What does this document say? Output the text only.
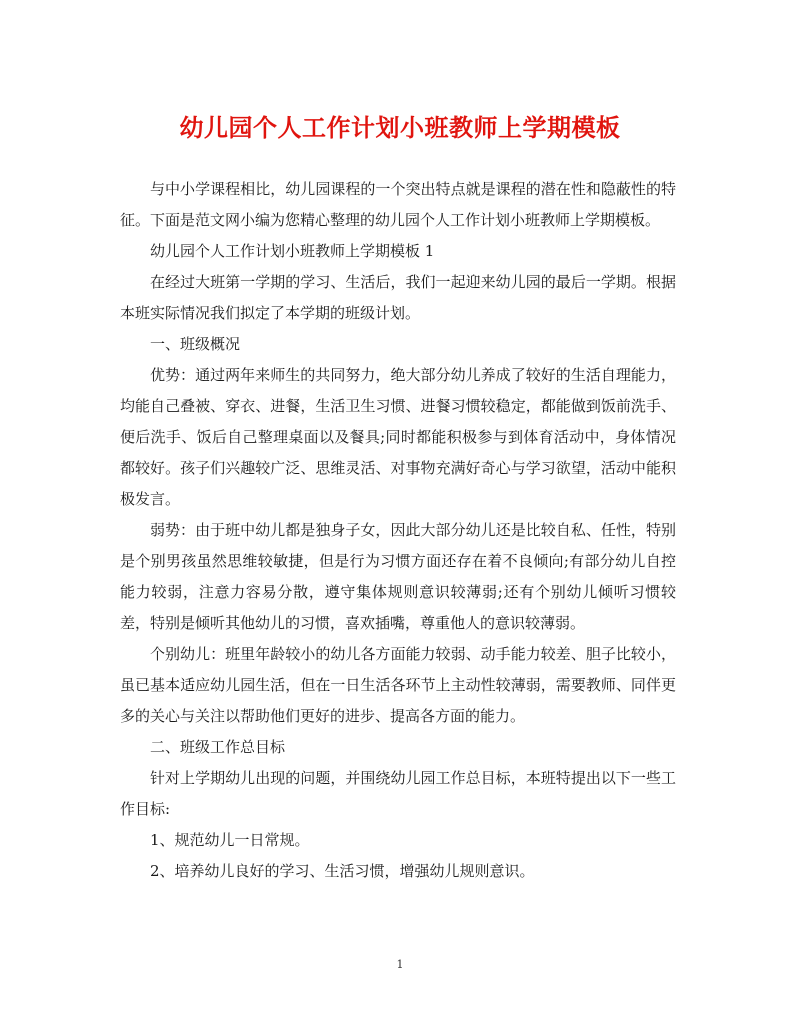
幼儿园个人工作计划小班教师上学期模板

与中小学课程相比，幼儿园课程的一个突出特点就是课程的潜在性和隐蔽性的特征。下面是范文网小编为您精心整理的幼儿园个人工作计划小班教师上学期模板。

幼儿园个人工作计划小班教师上学期模板 1

在经过大班第一学期的学习、生活后，我们一起迎来幼儿园的最后一学期。根据本班实际情况我们拟定了本学期的班级计划。

一、班级概况

优势：通过两年来师生的共同努力，绝大部分幼儿养成了较好的生活自理能力，均能自己叠被、穿衣、进餐，生活卫生习惯、进餐习惯较稳定，都能做到饭前洗手、便后洗手、饭后自己整理桌面以及餐具;同时都能积极参与到体育活动中，身体情况都较好。孩子们兴趣较广泛、思维灵活、对事物充满好奇心与学习欲望，活动中能积极发言。

弱势：由于班中幼儿都是独身子女，因此大部分幼儿还是比较自私、任性，特别是个别男孩虽然思维较敏捷，但是行为习惯方面还存在着不良倾向;有部分幼儿自控能力较弱，注意力容易分散，遵守集体规则意识较薄弱;还有个别幼儿倾听习惯较差，特别是倾听其他幼儿的习惯，喜欢插嘴，尊重他人的意识较薄弱。

个别幼儿：班里年龄较小的幼儿各方面能力较弱、动手能力较差、胆子比较小，虽已基本适应幼儿园生活，但在一日生活各环节上主动性较薄弱，需要教师、同伴更多的关心与关注以帮助他们更好的进步、提高各方面的能力。

二、班级工作总目标

针对上学期幼儿出现的问题，并围绕幼儿园工作总目标，本班特提出以下一些工作目标:

1、规范幼儿一日常规。

2、培养幼儿良好的学习、生活习惯，增强幼儿规则意识。

1
